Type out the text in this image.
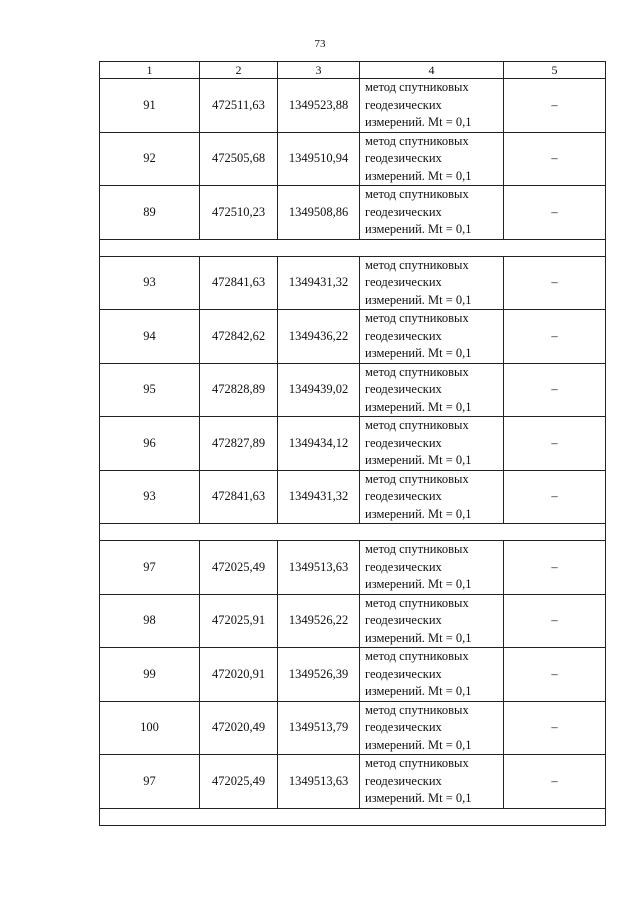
73
1	2	3	4	5
91	472511,63	1349523,88	метод спутниковых
геодезических
измерений. Mt = 0,1	–
92	472505,68	1349510,94	метод спутниковых
геодезических
измерений. Mt = 0,1	–
89	472510,23	1349508,86	метод спутниковых
геодезических
измерений. Mt = 0,1	–

93	472841,63	1349431,32	метод спутниковых
геодезических
измерений. Mt = 0,1	–
94	472842,62	1349436,22	метод спутниковых
геодезических
измерений. Mt = 0,1	–
95	472828,89	1349439,02	метод спутниковых
геодезических
измерений. Mt = 0,1	–
96	472827,89	1349434,12	метод спутниковых
геодезических
измерений. Mt = 0,1	–
93	472841,63	1349431,32	метод спутниковых
геодезических
измерений. Mt = 0,1	–

97	472025,49	1349513,63	метод спутниковых
геодезических
измерений. Mt = 0,1	–
98	472025,91	1349526,22	метод спутниковых
геодезических
измерений. Mt = 0,1	–
99	472020,91	1349526,39	метод спутниковых
геодезических
измерений. Mt = 0,1	–
100	472020,49	1349513,79	метод спутниковых
геодезических
измерений. Mt = 0,1	–
97	472025,49	1349513,63	метод спутниковых
геодезических
измерений. Mt = 0,1	–
